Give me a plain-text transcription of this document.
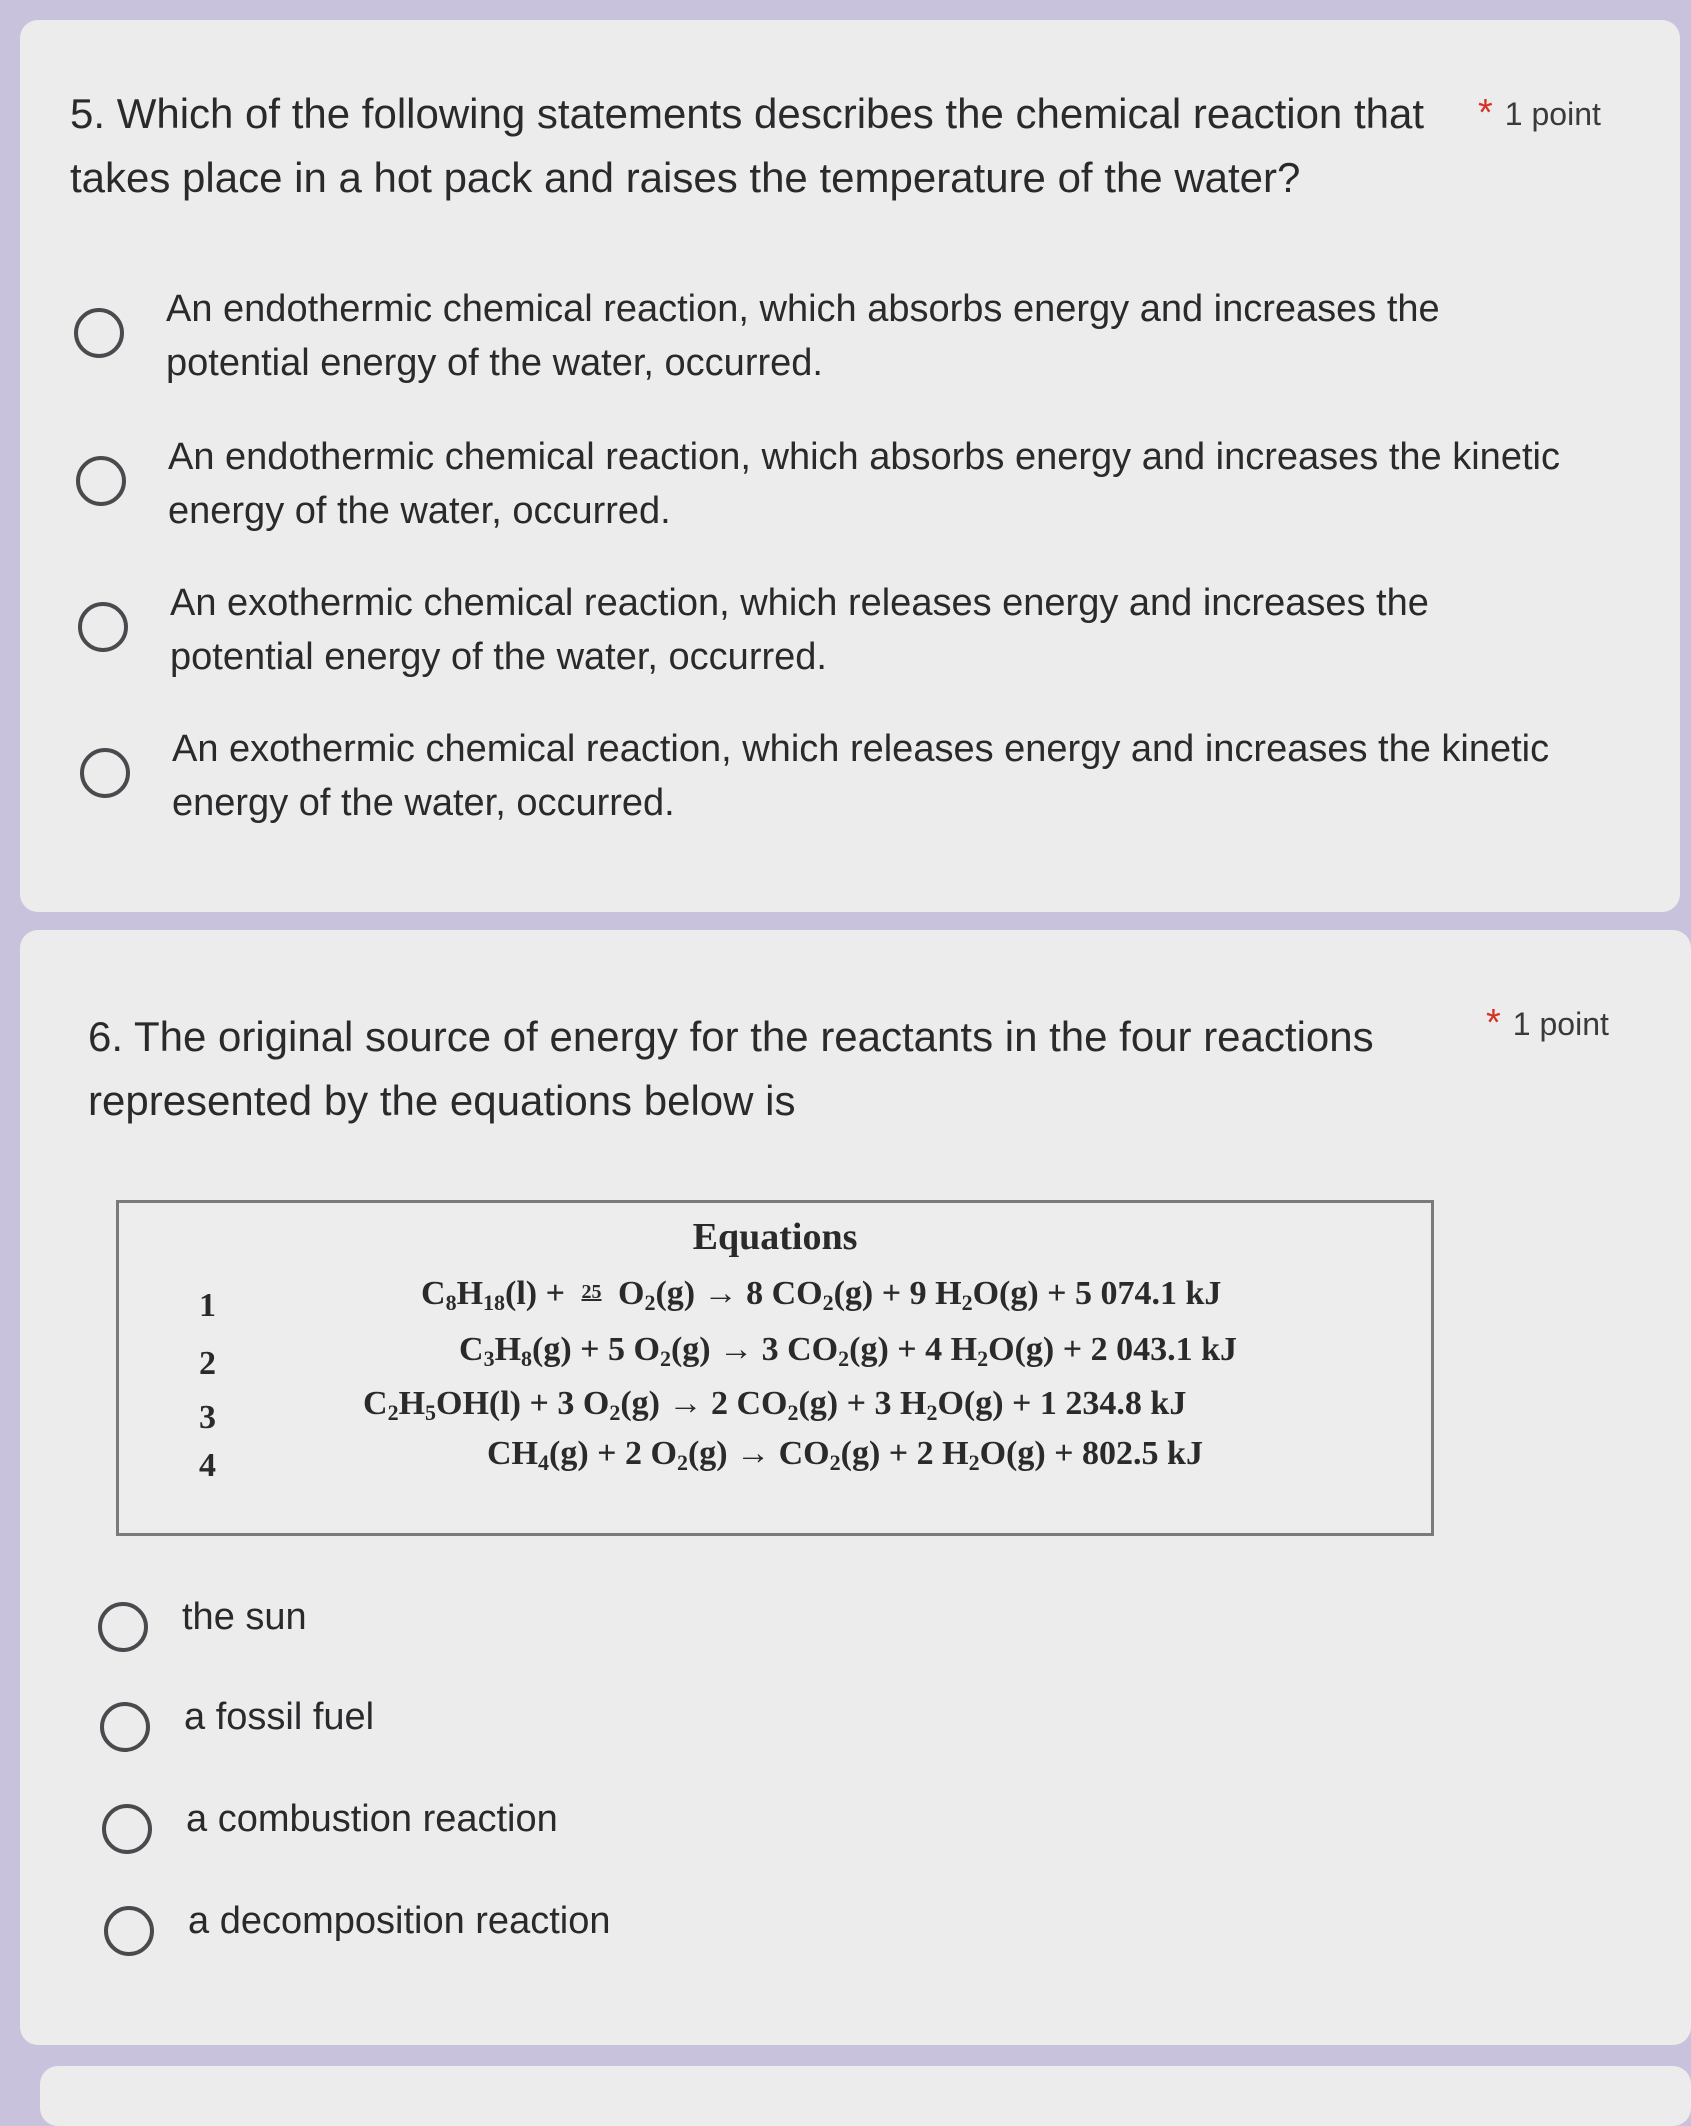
5. Which of the following statements describes the chemical reaction that takes place in a hot pack and raises the temperature of the water?
* 1 point
An endothermic chemical reaction, which absorbs energy and increases the potential energy of the water, occurred.
An endothermic chemical reaction, which absorbs energy and increases the kinetic energy of the water, occurred.
An exothermic chemical reaction, which releases energy and increases the potential energy of the water, occurred.
An exothermic chemical reaction, which releases energy and increases the kinetic energy of the water, occurred.
6. The original source of energy for the reactants in the four reactions represented by the equations below is
* 1 point
Equations
1
2
3
4
$C_8H_{18}(l) + 25$ $O_2(g) \to 8$ $CO_2(g) + 9$ $H_2O(g) + 5$ 074.1 kJ
$C_3H_8(g) + 5$ $O_2(g) \to 3$ $CO_2(g) + 4$ $H_2O(g) + 2$ 043.1 kJ
$C_2H_5OH(l) + 3$ $O_2(g) \to 2$ $CO_2(g) + 3$ $H_2O(g) + 1$ 234.8 kJ
$CH_4(g) + 2$ $O_2(g) \to CO_2(g) + 2$ $H_2O(g) + 802.5$ kJ
the sun
a fossil fuel
a combustion reaction
a decomposition reaction
